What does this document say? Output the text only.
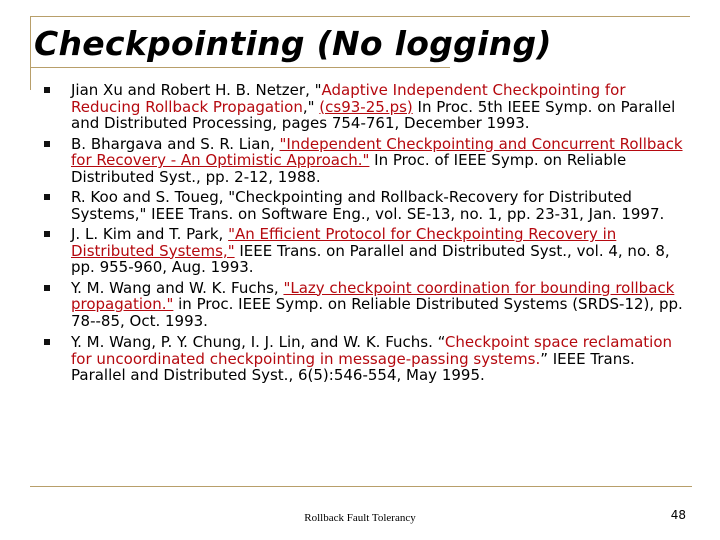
Checkpointing (No logging)
Jian Xu and Robert H. B. Netzer, "Adaptive Independent Checkpointing for Reducing Rollback Propagation," (cs93-25.ps) In Proc. 5th IEEE Symp. on Parallel and Distributed Processing, pages 754-761, December 1993.
B. Bhargava and S. R. Lian, "Independent Checkpointing and Concurrent Rollback for Recovery - An Optimistic Approach." In Proc. of IEEE Symp. on Reliable Distributed Syst., pp. 2-12, 1988.
R. Koo and S. Toueg, "Checkpointing and Rollback-Recovery for Distributed Systems," IEEE Trans. on Software Eng., vol. SE-13, no. 1, pp. 23-31, Jan. 1997.
J. L. Kim and T. Park, "An Efficient Protocol for Checkpointing Recovery in Distributed Systems," IEEE Trans. on Parallel and Distributed Syst., vol. 4, no. 8, pp. 955-960, Aug. 1993.
Y. M. Wang and W. K. Fuchs, "Lazy checkpoint coordination for bounding rollback propagation." in Proc. IEEE Symp. on Reliable Distributed Systems (SRDS-12), pp. 78--85, Oct. 1993.
Y. M. Wang, P. Y. Chung, I. J. Lin, and W. K. Fuchs. “Checkpoint space reclamation for uncoordinated checkpointing in message-passing systems.” IEEE Trans. Parallel and Distributed Syst., 6(5):546-554, May 1995.
Rollback Fault Tolerancy	48
